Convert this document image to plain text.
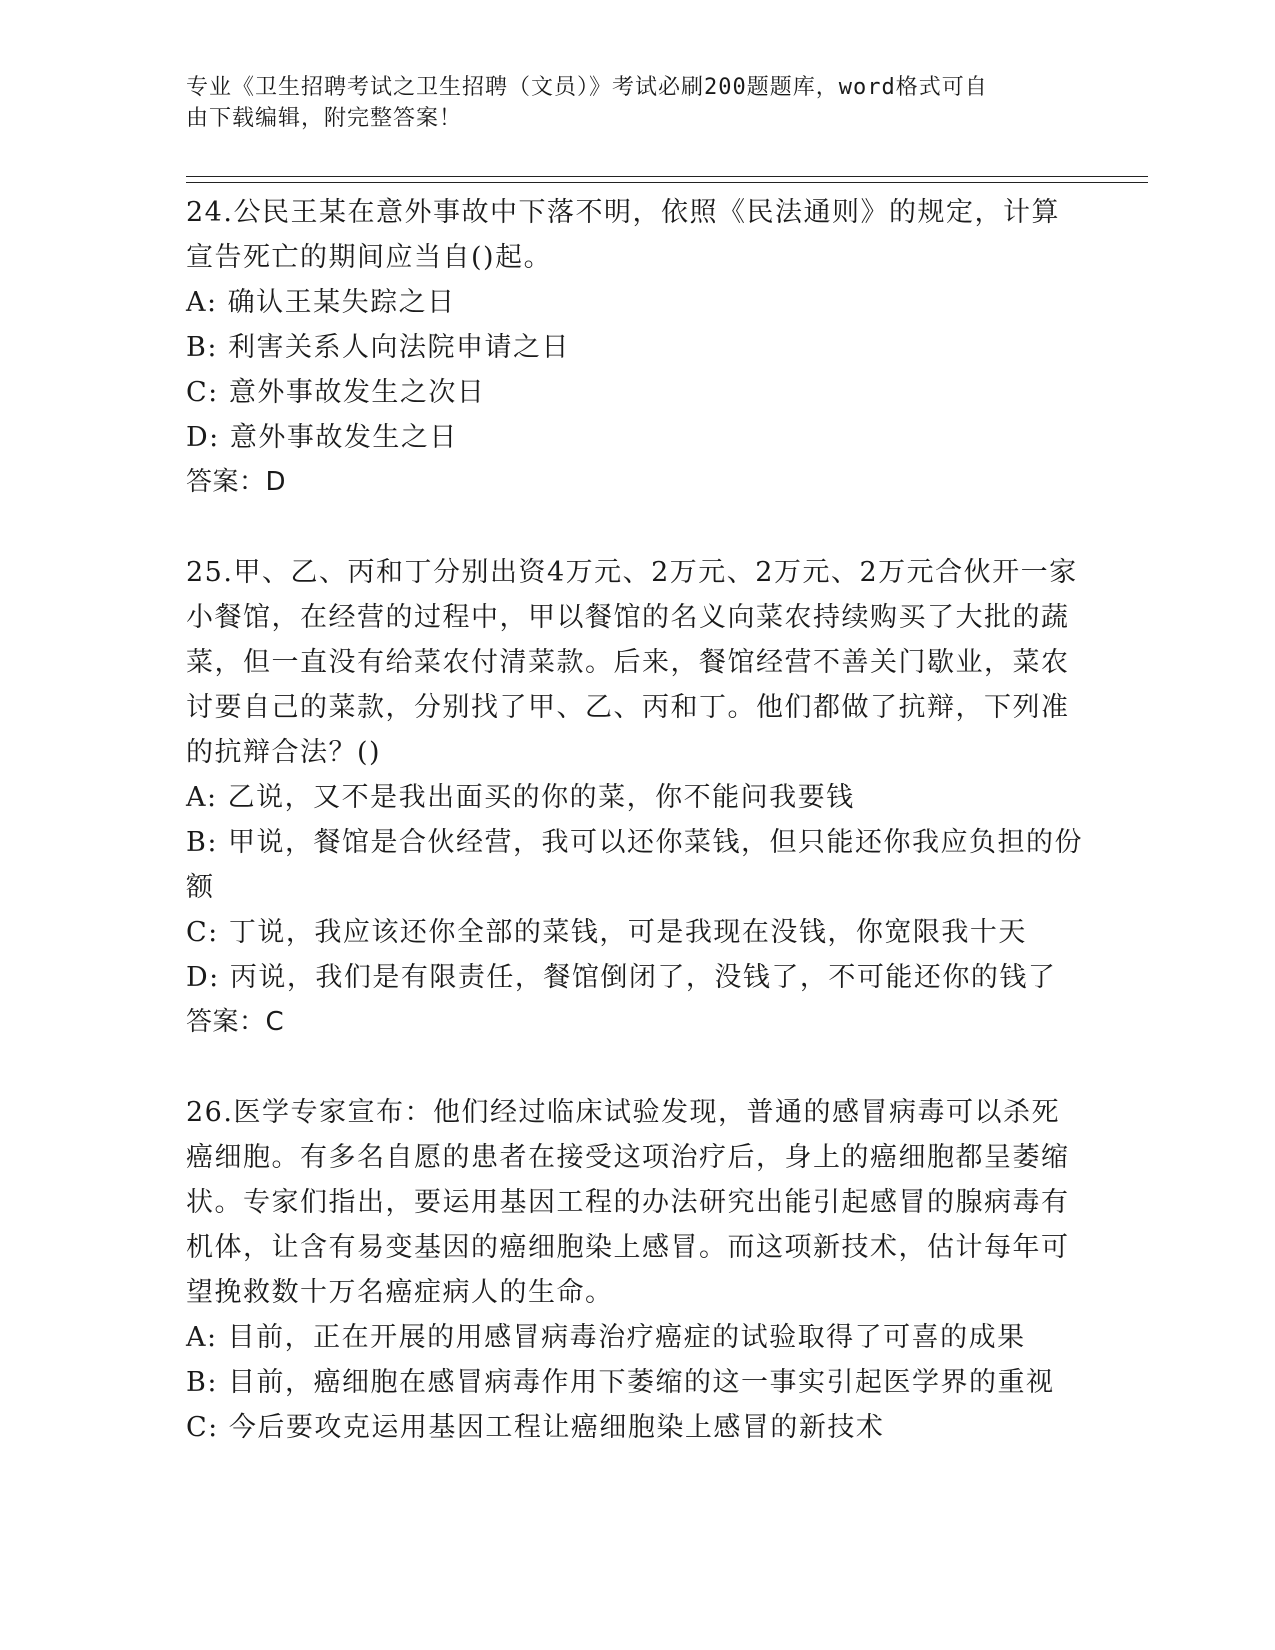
专业《卫生招聘考试之卫生招聘（文员）》考试必刷200题题库，word格式可自
由下载编辑，附完整答案！

24.公民王某在意外事故中下落不明，依照《民法通则》的规定，计算宣告死亡的期间应当自()起。

A: 确认王某失踪之日

B: 利害关系人向法院申请之日

C: 意外事故发生之次日

D: 意外事故发生之日

答案：D

25.甲、乙、丙和丁分别出资4万元、2万元、2万元、2万元合伙开一家小餐馆，在经营的过程中，甲以餐馆的名义向菜农持续购买了大批的蔬菜，但一直没有给菜农付清菜款。后来，餐馆经营不善关门歇业，菜农讨要自己的菜款，分别找了甲、乙、丙和丁。他们都做了抗辩，下列准的抗辩合法？()

A: 乙说，又不是我出面买的你的菜，你不能问我要钱

B: 甲说，餐馆是合伙经营，我可以还你菜钱，但只能还你我应负担的份额

C: 丁说，我应该还你全部的菜钱，可是我现在没钱，你宽限我十天

D: 丙说，我们是有限责任，餐馆倒闭了，没钱了，不可能还你的钱了

答案：C

26.医学专家宣布：他们经过临床试验发现，普通的感冒病毒可以杀死癌细胞。有多名自愿的患者在接受这项治疗后，身上的癌细胞都呈萎缩状。专家们指出，要运用基因工程的办法研究出能引起感冒的腺病毒有机体，让含有易变基因的癌细胞染上感冒。而这项新技术，估计每年可望挽救数十万名癌症病人的生命。

A: 目前，正在开展的用感冒病毒治疗癌症的试验取得了可喜的成果

B: 目前，癌细胞在感冒病毒作用下萎缩的这一事实引起医学界的重视

C: 今后要攻克运用基因工程让癌细胞染上感冒的新技术
